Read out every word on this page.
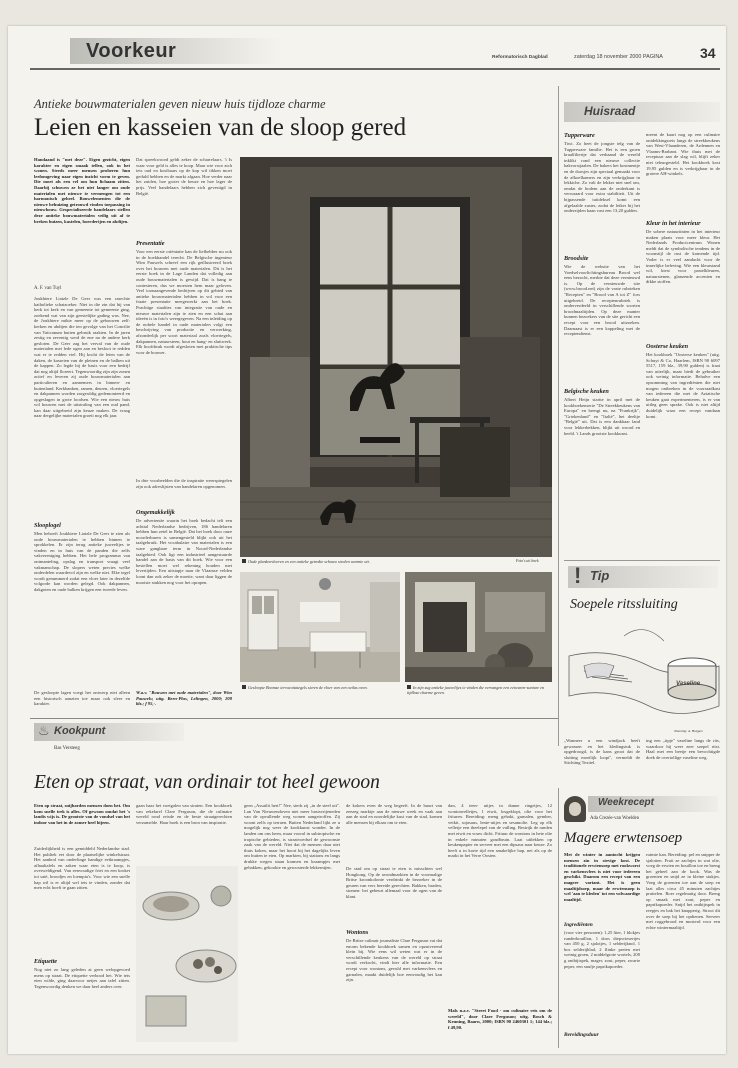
Voorkeur	Reformatorisch Dagblad	zaterdag 18 november 2000 PAGINA	34
Antieke bouwmaterialen geven nieuw huis tijdloze charme
Leien en kasseien van de sloop gered
Handaand is "met deze". Eigen gezicht, eigen karakter en eigen smaak tellen, ook in het wonen. Steeds meer mensen proberen hun leefomgeving naar eigen inzicht vorm te geven. Die moet als een vel om hun lichaam zitten. Daarbij schuwen ze het niet langer om oude materialen met nieuwe te vermengen tot een harmonisch geheel. Bouwelementen die de nieuwe behuizing getrouwd vinden toepassing in nieuwbouw. Gespecialiseerde handelaars stellen deze antieke bouwmaterialen veilig uit af te breken huizen, kastelen, boerderijen en abdijen.
A. F. van Tuyl
Joukhiere Liatzle De Geer was een rasechte katholieke schatzoeker. Niet in die zin dat hij van kerk tot kerk en van gemeente tot gemeente ging, zoekend wat van zijn geestelijke gading was. Nee, de Joukhiere mikte meer op de gebouwen zelf: kerken en abdijen die ten gevolge van het Concilie van Vaticanum buiten gebruik raakten. In de jaren zestig en zeventig werd de ene na de andere kerk gesloten. De Geer zag het verval van de oude materialen met lede ogen aan en besloot te redden wat er te redden viel. Hij kocht de leien van de daken, de kasseien van de pleinen en de balken uit de kappen. Zo legde hij de basis voor een bedrijf dat nog altijd floreert. Tegenwoordig zijn zijn zonen actief en leveren zij oude bouwmaterialen aan particulieren en aannemers in binnen- en buitenland. Kerkbanken, ramen, deuren, vloertegels en dakpannen worden zorgvuldig gedemonteerd en opgeslagen in grote loodsen. Wie een nieuw huis wil bouwen met de uitstraling van een oud pand, kan daar uitgebreid zijn keuze maken. De vraag naar dergelijke materialen groeit nog elk jaar.
Slooplogel
Men behoeft Joukhiere Liatzle De Geer te zien als oude bouwmaterialen te hebben binnen te sprokkelen. Er zijn terug antieke juweeltjes te vinden en in huis van de panden die zelfs vakvereniging hebben. Het hele programma van ontmanteling, opslag en transport vraagt veel vakmanschap. De slopers weten precies welke onderdelen waardevol zijn en welke niet. Elke tegel wordt genummerd zodat een vloer later in dezelfde volgorde kan worden gelegd. Ook dakpannen, dakgoten en oude balken krijgen een tweede leven.
De gesloopte lagen voegt het ontwerp niet alleen een historisch aanzien toe maar ook sfeer en karakter.
Dat spreekwoord geldt zeker de scharrelaars. 't Is waar voor geld is alles te koop. Maar wie voor zich iets oud en kostbaars op de kop wil tikken moet geduld hebben en de markt afgaan. Hoe verder naar het zuiden, hoe groter de keuze en hoe lager de prijs. Veel handelaars hebben zich gevestigd in België.
Presentatie
Voor een eerste oriëntatie kan de liefhebber nu ook in de boekhandel terecht. De Belgische ingenieur Wim Pauwels schreef een rijk geïllustreerd boek over het bouwen met oude materialen. Dit is het eerste boek in de Lage Landen dat volledig aan oude bouwmaterialen is gewijd. Dat is bang te contesteren, dus we moesten hem maar geloven. Veel toonaangevende bedrijven op dit gebied van antieke bouwmaterialen hebben in vol voor een fraaie presentatie meegewerkt aan het boek. Prachtige staalties van integratie van oude en nieuwe materialen zijn te zien en een schat aan ideeën is in foto's weergegeven. Na een inleiding op de nobele handel in oude materialen volgt een beschrijving van productie en verwerking, afzonderlijk per soort materiaal zoals vloertegels, dakpannen, natuursteen, hout en hang- en sluitwerk. Elk hoofdstuk wordt afgesloten met praktische tips voor de bouwer.
In drie voorbeelden die de inspiratie weerspiegelen zijn ook adreslijsten van handelaren opgenomen.
Ongemakkelijk
De advertentie waarin het boek bedacht telt een achttal Nederlandse bedrijven, 186 handelaren hebben hun zetel in België. Dat het boek door onze noorderburen is samengesteld blijkt ook uit het taalgebruik. Het vocabulaire van materialen is een ware gangbare term in Noord-Nederlandse taalgebied. Ook ligt een industrieel aangestuurde handel aan de basis van dit boek. Wie voor een bestellen moet wel rekening houden met levertijden. Een uitstapje naar de Vlaamse velden loont dan ook zeker de moeite, want daar liggen de mooiste stukken nog voor het oprapen.
W.a.v. "Bouwen met oude materialen", door Wim Pauwels; uitg. Bern-Plus, Lelingen, 2000; 208 blz.; f 95,-.
Oude plankenvloeren en een antieke getrokte schouw stralen warmte uit.	Foto's uit boek
Gesloopte Boomse terracottategels sieren de vloer van een oetlas oven.	In zijn sug antieke juweeltjes te vinden die vervangen een eetwaren-sunture en tijdloze charme geven.
Huisraad
Tupperware
Tiwi. Zo heet de jongste telg van de Tupperware familie. Het is een groen kraalfiltertje dat verbaand de wereld inklikt rond een nieuwe collectie bakvorstjaalen. De bakers het kostmentje en de doosjes zijn speciaal gemaakt voor de afkoelkamers en zijn verkrijgbaar in lekkiche. Zo valt de lekker niet snel om, omdat de bodem aan de onderkant is verwaaard voor extra stabiliteit. Uit de bijpassende tuitdeksel komt een afgelaalde zuster, zodat de leiker bij het onderzijden kaan vast een 13,20 gulden.
Broodsite
Wie de website van het Voedselvoorlichtingsbureau Brood wel eens bezocht, merkte dat deze vernieuwd is. Op de vernieuwde site (www.brood.net) zijn de vaste rubrieken "Recepten" en "Brood van A tot Z" fors uitgebreid. De receptenrubriek is onderverdeeld in verschillende soorten broodmaaltijden. Op deze manier kunnen bezoekers van de site gericht een recept voor een brood uitzoeken. Daarnaast is er een koppeling met de receptendienst.
Belgische keuken
Albert Heijn startte in april met de kookboekenserie "De Streekkeukens van Europa" en brengt nu, na "Frankrijk", "Griekenland" en "Italië", het deeltje "België" uit. Dat is een dankbaar land voor lekkerbekken, blijkt uit woord en beeld. 't Lands grootste kookkunst.
meent de kaart nog op een culinaire ontdekkingsreis langs de streekkeukens van West-Vlaanderen, de Ardennen en Vlaams-Brabant. Wie thuis met de receptuur aan de slag wil, blijft zeker niet teleurgesteld. Het kookboek kost 19,95 gulden en is verkrijgbaar in de grotere AH-winkels.
Kleur in het interieur
De sobere natuurtinten in het interieur maken plaats voor meer kleur. Het Nederlands Productcentrum Wonen meldt dat de symbolische tendens in de woonstijl de rust de komende tijd. Voder is er veel aandacht voor de innerlijke beleving. Wie een kleurstand wil, kiest voor pastelkleuren, natuurstenen, glanzende accenten en dikke stoffen.
Oosterse keuken
Het kookboek "Oosterse keuken" (uitg. Schuyt & Co, Haarlem, ISBN 90 6097 5517, 159 blz., 39,90 gulden) is fraai van uiterlijk, maar biedt de gebruiker ook weinig informatie. Behalve een opsomming van ingrediënten die niet mogen ontbreken in de voorraadkast van iedereen die met de Aziatische keuken gaat experimenteren, is er van uitleg geen sprake. Ook is niet altijd duidelijk waar een recept vandaan komt.
! Tip
Soepele ritssluiting
Vaseline
Tekening: A. Huijgen
„Wanneer u een windjack heeft gewassen en het kledingstuk is opgedroogd, is de kans groot dat de sluiting moeilijk loopt", vermeldt de Stichting Textiel.
ing een „tipje" vaseline langs de rits, waardoor hij weer zeer soepel ritst. Haal met een beetje een bevochtigde doek de overtollige vaseline weg.
♨ Kookpunt
Bas Versteeg
Eten op straat, van ordinair tot heel gewoon
Eten op straat, snijbarden mensen doen het. Om kom snelle trek is alles. Of gewoon omdat het 's landis wijs is. De grootste van de vondsel van het indoor van het in de zomer heel bijeen.
Zuiderlijkheid is een gemiddeld Nederlandse stad. Het publiek eet door de plaatselijke winkelstraat. Het aanbod van onderlinge handige eetkraampjes, afhaaltafels en zaken waar eten is te koop, is overweldigend. Van eenvoudige friet en een kroket tot saté, broodjes en loempia's. Voor wie een snelle hap wil is er altijd wel iets te vinden, zonder dat men echt hoeft te gaan zitten.
Etiquette
Nog niet zo lang geleden at geen welopgevoed mens op straat. De etiquette verbood het. Wie iets eten wilde, ging daarvoor netjes aan tafel zitten. Tegenwoordig denken we daar heel anders over.
gaan haar het voetgalen van straten. Een kookboek van rekelarel Clare Ferguson, die de culinaire wereld rond reisde en de beste straatgerechten verzamelde. Haar boek is een bron van inspiratie.
geen „Assailit hert!" Nee, steds zij „in de steel uit". Lan Van Nieuwendoven niet meer basisvrijeneden van de opvallende weg wonen aangetroffen. Zij woont zelfs op terraen. Buiten Nederland lijkt ze u mogelijk nog weer de kookkunst wonder. In de landen om ons heen, maar vooral in subtropische en tropische gebieden, is straatvoedsel de gewoonste zaak van de wereld. Niet dat de mensen daar niet thuis koken, maar het hoort bij het dagelijks leven om buiten te eten. Op markten, bij stations en langs drukke wegen staan kramen en kraampjes met gebakken, gekookte en geroosterde lekkernijen.
de kokers even de weg begeeft. In de buurt van zeezeg marktje aan de nieuwe week en vaak aan aan de stad en noordelijke kust van de stad, komen alle mensen bij elkaar om te eten.
De stad om op straat te eten is misschien wel Hongkong. Op de avondmarkten in de voormalige Britse kroonkolonie verdrinkt de bezoeker in de geuren van vers bereide gerechten. Bakken, braden, stomen: het gebeurt allemaal voor de ogen van de klant.
Wontons
De Britse culinair journaliste Clare Ferguson vat dat enorm bekende kookboek samen en opzuiverend klein bij. Wie eens wil weten wat er in de verschillende keukens van de wereld op straat wordt verkocht, vindt hier alle informatie. Een recept voor wontons, gevuld met varkensvlees en garnalen, maakt duidelijk hoe eenvoudig het kan zijn.
dan, 4 teen- uitjes in dunne ringetjes, 12 wontonvelletjes, 1 eiwit, losgeklopt, olie voor het frituren. Bereiding: meng gehakt, garnalen, gember, vetkit, sojasaus, lente-uitjes en sesamolie. Leg op elk velletje een theelepel van de vulling. Bestrijk de randen met eiwit en vouw dicht. Frituur de wontons in hete olie in enkele minuten goudbruin. Laat uitlekken op keukenpapier en serveer met een dipsaus naar keuze. Zo heeft u in korte tijd een smakelijke hap, net als op de markt in het Verre Oosten.
Mals n.a.v. "Street Food - om culinaire reis om de wereld", door Clare Ferguson; uitg. Bosch & Keuning, Baarn, 2000; ISBN 90 2460301 1; 144 blz.; f 49,90.
Weekrecept
Ada Crezée-van Woelden
Magere erwtensoep
Met de winter in aantocht krijgen mensen zin in stevige kost. De traditionele erwtensoep met rookworst en varkensvlees is niet voor iedereen geschikt. Daarom een recept van een magere variant. Het is geen maaltijdsoep, maar de erwtensoep is wel 'aan te kleden' tot een volwaardige maaltijd.
Ingrediënten
(voor vier personen): 1,25 liter, 1 blokjes runderbouillon, 1 doos diepvriesertjes van 450 g, 2 sjalotjes, 1 selderijknol, 1 bos selderijblad, 2 flinke preien met weinig groen, 2 middelgrote wortels, 200 g ontbijtspek, mager, zout, peper, zwarte peper, een snufje paprikapoeder.
Bereidingsduur
ruimte kan. Bereiding: pel en snipper de sjalotten. Fruit ze zachtjes in wat olie, voeg de erwten en bouillon toe en breng het geheel aan de kook. Was de groenten en snijd ze in kleine stukjes. Voeg de groenten toe aan de soep en laat alles circa 45 minuten zachtjes pruttelen. Roer regelmatig door. Breng op smaak met zout, peper en paprikapoeder. Snijd het ontbijtspek in reepjes en bak het knapperig. Strooi dit over de soep bij het opdienen. Serveer met roggebrood en mosterd voor een echte wintermaaltijd.
